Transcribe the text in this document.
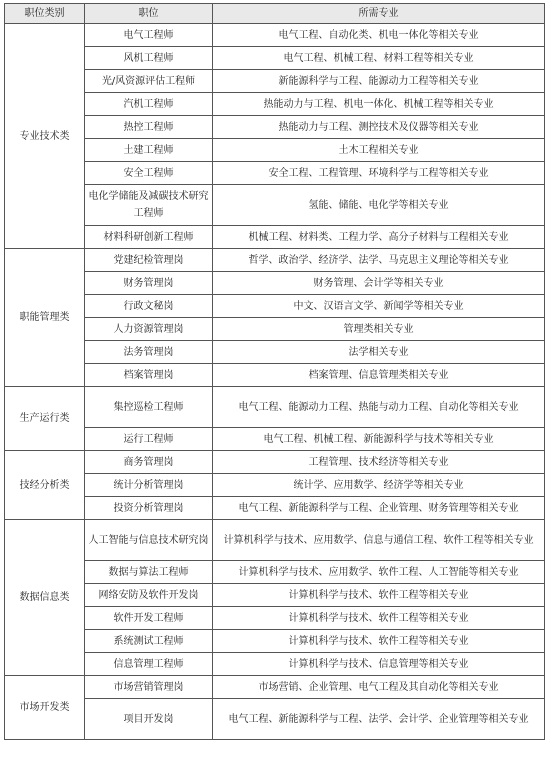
职位类别	职位	所需专业
专业技术类	电气工程师	电气工程、自动化类、机电一体化等相关专业
	风机工程师	电气工程、机械工程、材料工程等相关专业
	光/风资源评估工程师	新能源科学与工程、能源动力工程等相关专业
	汽机工程师	热能动力与工程、机电一体化、机械工程等相关专业
	热控工程师	热能动力与工程、测控技术及仪器等相关专业
	土建工程师	土木工程相关专业
	安全工程师	安全工程、工程管理、环境科学与工程等相关专业
	电化学储能及减碳技术研究工程师	氢能、储能、电化学等相关专业
	材料科研创新工程师	机械工程、材料类、工程力学、高分子材料与工程相关专业
职能管理类	党建纪检管理岗	哲学、政治学、经济学、法学、马克思主义理论等相关专业
	财务管理岗	财务管理、会计学等相关专业
	行政文秘岗	中文、汉语言文学、新闻学等相关专业
	人力资源管理岗	管理类相关专业
	法务管理岗	法学相关专业
	档案管理岗	档案管理、信息管理类相关专业
生产运行类	集控巡检工程师	电气工程、能源动力工程、热能与动力工程、自动化等相关专业
	运行工程师	电气工程、机械工程、新能源科学与技术等相关专业
技经分析类	商务管理岗	工程管理、技术经济等相关专业
	统计分析管理岗	统计学、应用数学、经济学等相关专业
	投资分析管理岗	电气工程、新能源科学与工程、企业管理、财务管理等相关专业
数据信息类	人工智能与信息技术研究岗	计算机科学与技术、应用数学、信息与通信工程、软件工程等相关专业
	数据与算法工程师	计算机科学与技术、应用数学、软件工程、人工智能等相关专业
	网络安防及软件开发岗	计算机科学与技术、软件工程等相关专业
	软件开发工程师	计算机科学与技术、软件工程等相关专业
	系统测试工程师	计算机科学与技术、软件工程等相关专业
	信息管理工程师	计算机科学与技术、信息管理等相关专业
市场开发类	市场营销管理岗	市场营销、企业管理、电气工程及其自动化等相关专业
	项目开发岗	电气工程、新能源科学与工程、法学、会计学、企业管理等相关专业
